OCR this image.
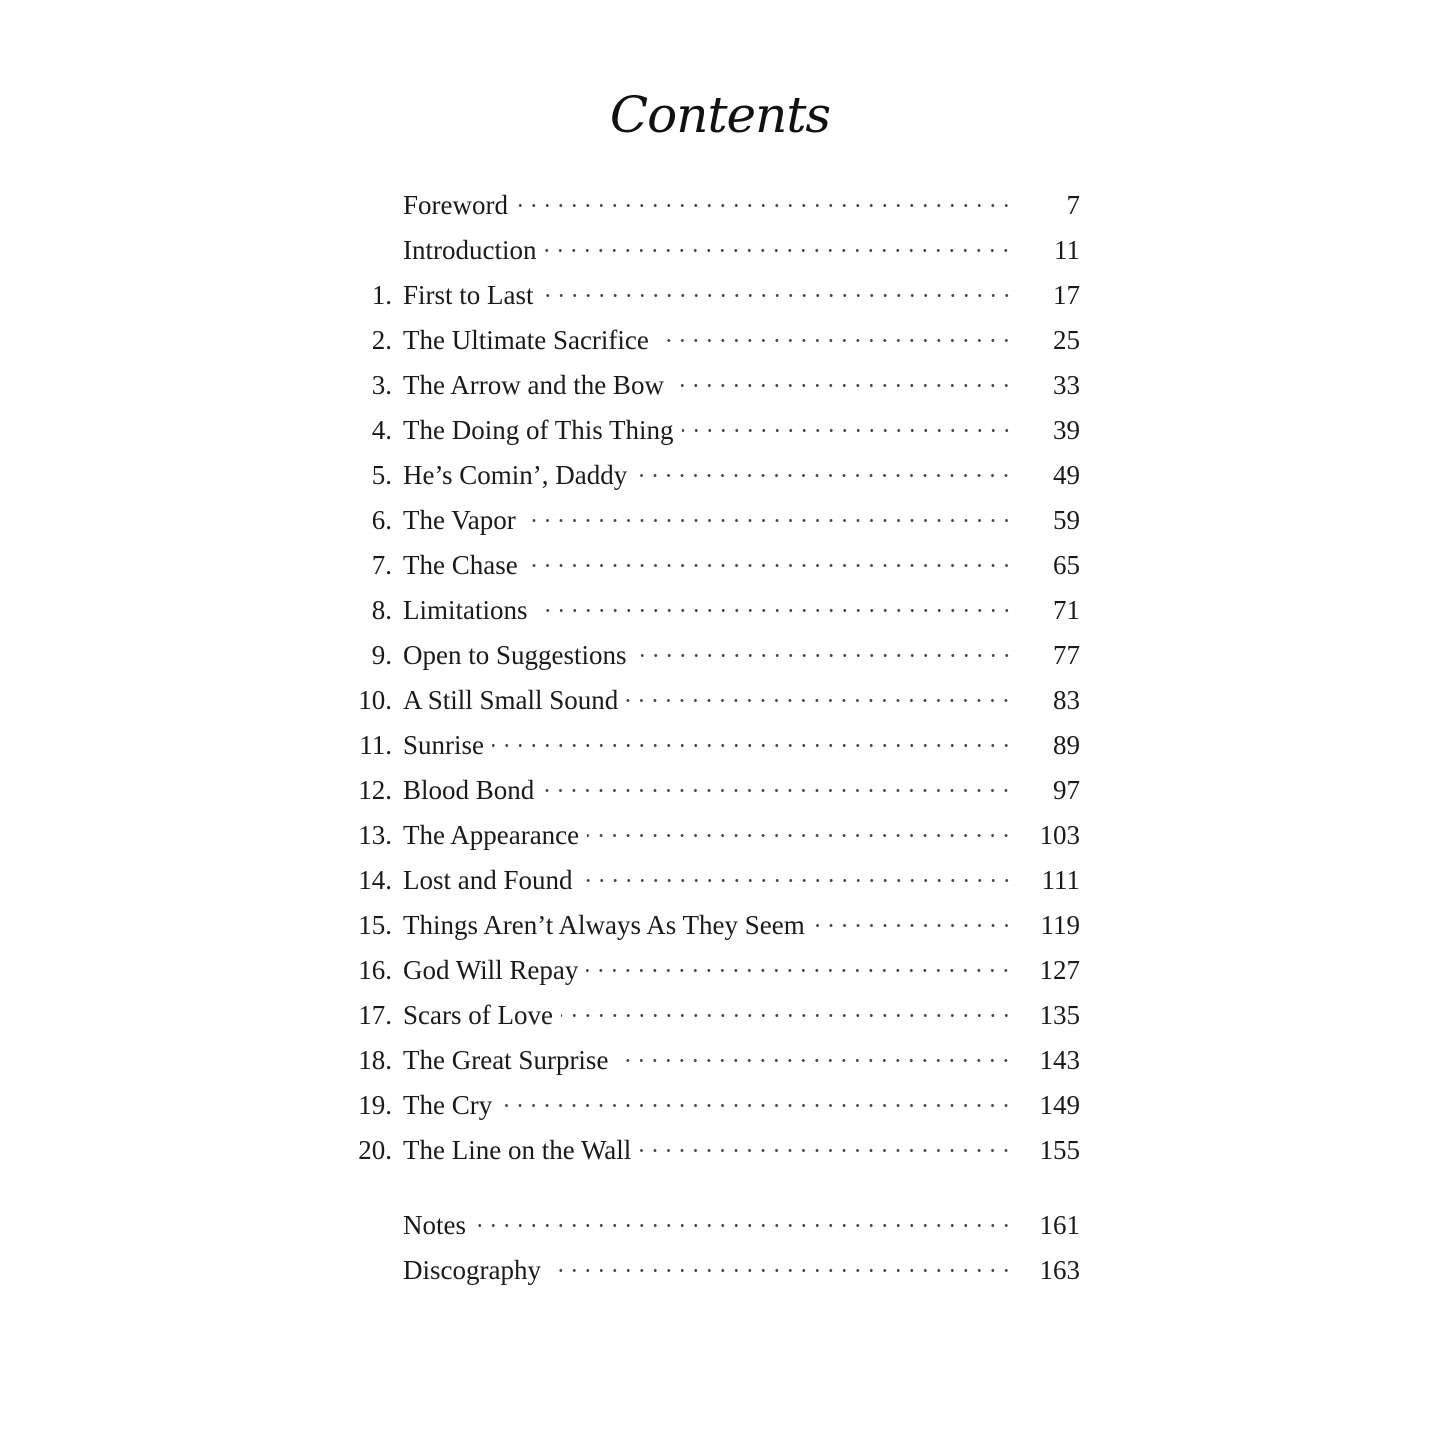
Contents
Foreword	7
Introduction	11
1. First to Last	17
2. The Ultimate Sacrifice	25
3. The Arrow and the Bow	33
4. The Doing of This Thing	39
5. He’s Comin’, Daddy	49
6. The Vapor	59
7. The Chase	65
8. Limitations	71
9. Open to Suggestions	77
10. A Still Small Sound	83
11. Sunrise	89
12. Blood Bond	97
13. The Appearance	103
14. Lost and Found	111
15. Things Aren’t Always As They Seem	119
16. God Will Repay	127
17. Scars of Love	135
18. The Great Surprise	143
19. The Cry	149
20. The Line on the Wall	155
Notes	161
Discography	163
